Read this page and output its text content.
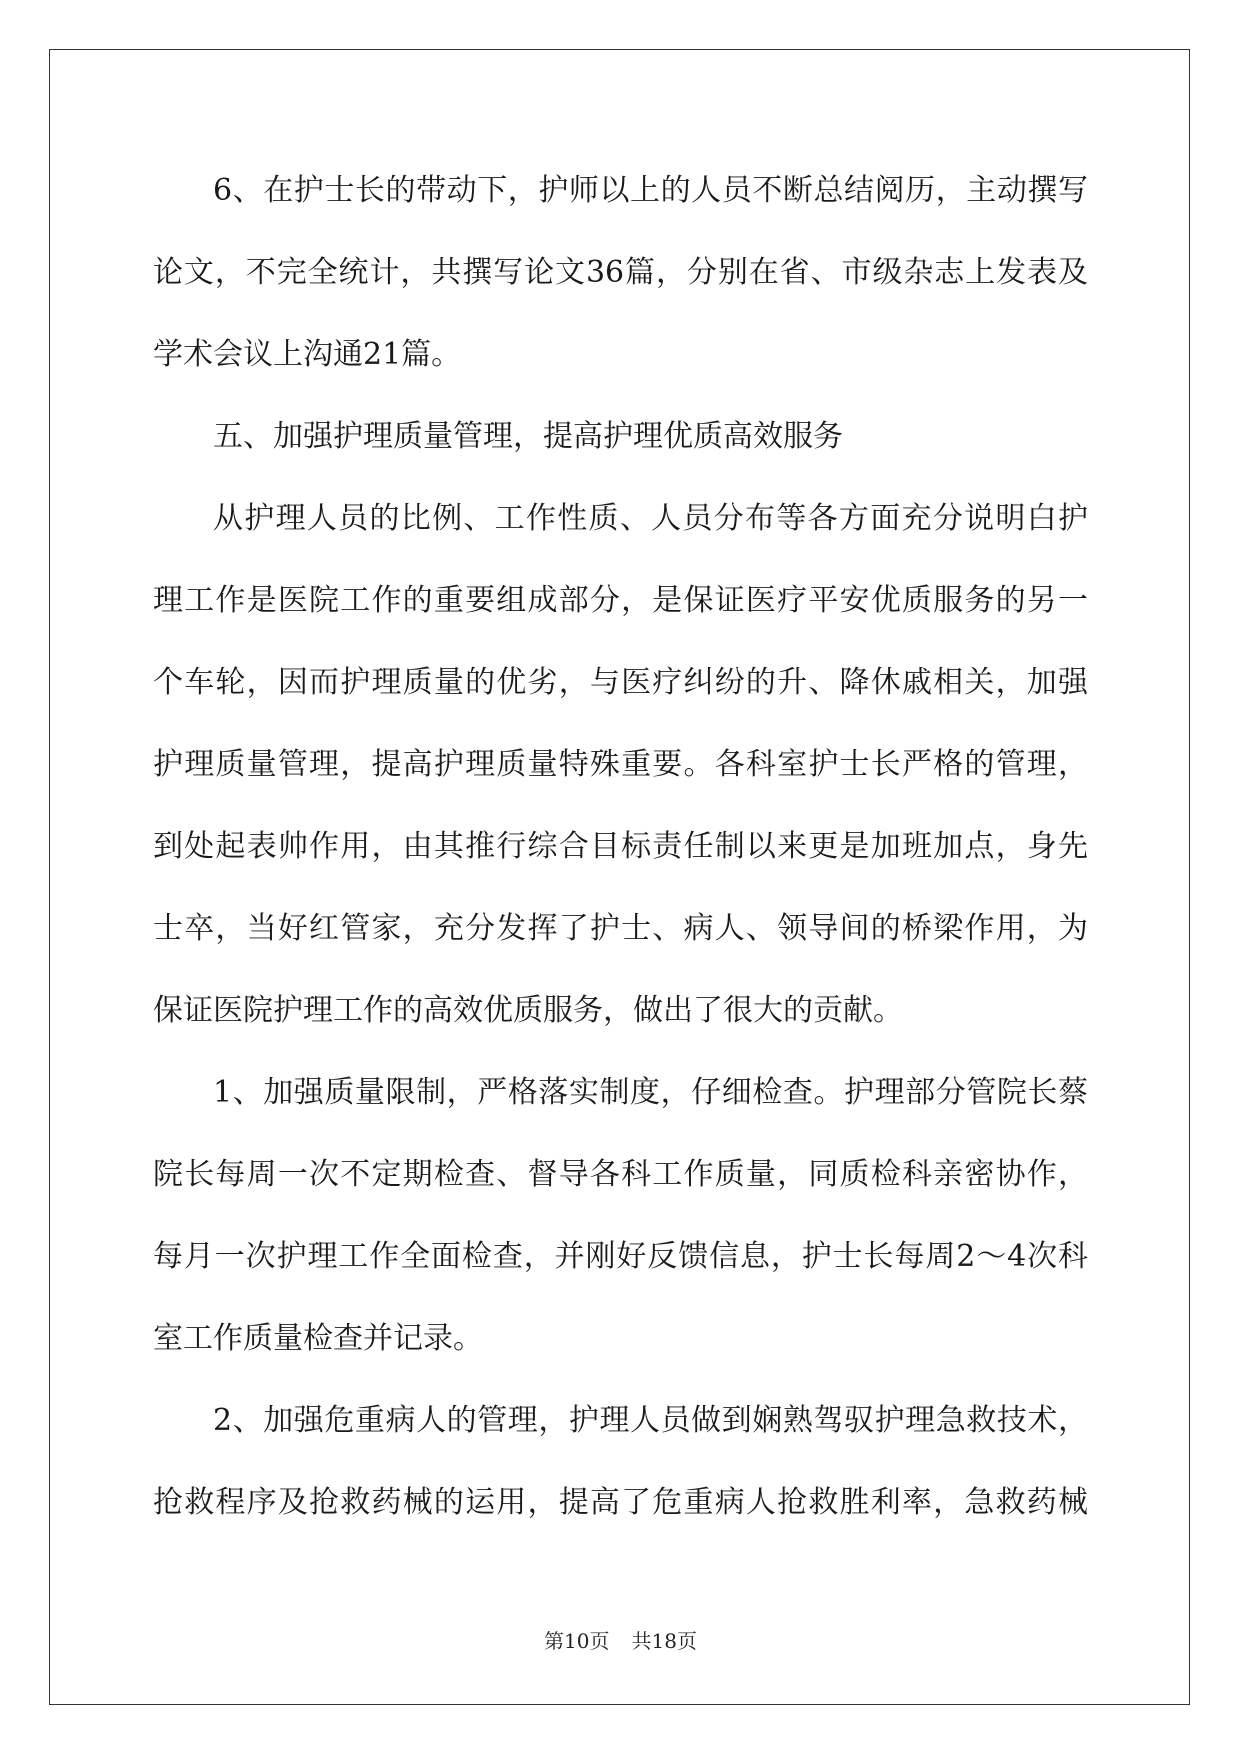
6、在护士长的带动下，护师以上的人员不断总结阅历，主动撰写
论文，不完全统计，共撰写论文36篇，分别在省、市级杂志上发表及
学术会议上沟通21篇。
五、加强护理质量管理，提高护理优质高效服务
从护理人员的比例、工作性质、人员分布等各方面充分说明白护
理工作是医院工作的重要组成部分，是保证医疗平安优质服务的另一
个车轮，因而护理质量的优劣，与医疗纠纷的升、降休戚相关，加强
护理质量管理，提高护理质量特殊重要。各科室护士长严格的管理，
到处起表帅作用，由其推行综合目标责任制以来更是加班加点，身先
士卒，当好红管家，充分发挥了护士、病人、领导间的桥梁作用，为
保证医院护理工作的高效优质服务，做出了很大的贡献。
1、加强质量限制，严格落实制度，仔细检查。护理部分管院长蔡
院长每周一次不定期检查、督导各科工作质量，同质检科亲密协作，
每月一次护理工作全面检查，并刚好反馈信息，护士长每周2～4次科
室工作质量检查并记录。
2、加强危重病人的管理，护理人员做到娴熟驾驭护理急救技术，
抢救程序及抢救药械的运用，提高了危重病人抢救胜利率，急救药械
第10页 共18页
